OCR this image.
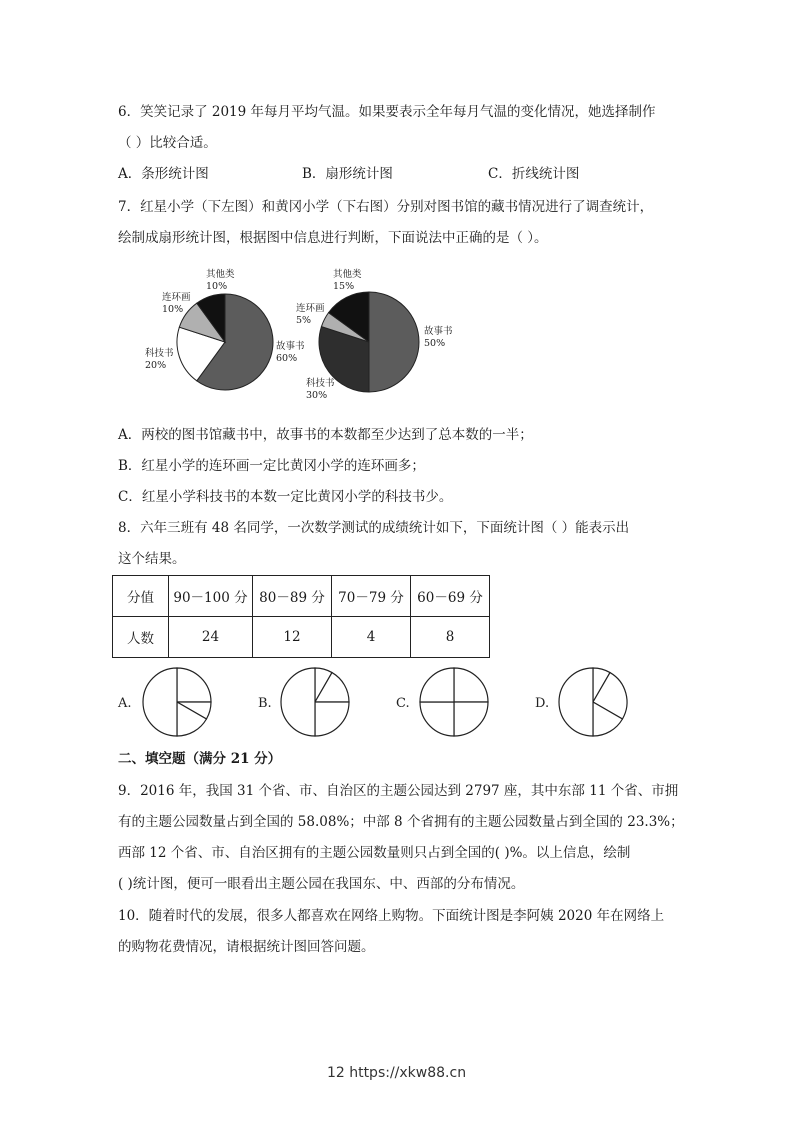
6．笑笑记录了 2019 年每月平均气温。如果要表示全年每月气温的变化情况，她选择制作
（ ）比较合适。
A．条形统计图	B．扇形统计图	C．折线统计图
7．红星小学（下左图）和黄冈小学（下右图）分别对图书馆的藏书情况进行了调查统计，
绘制成扇形统计图，根据图中信息进行判断，下面说法中正确的是（ ）。
其他类
10%
连环画
10%
科技书
20%
故事书
60%
其他类
15%
连环画
5%
科技书
30%
故事书
50%
A．两校的图书馆藏书中，故事书的本数都至少达到了总本数的一半；
B．红星小学的连环画一定比黄冈小学的连环画多；
C．红星小学科技书的本数一定比黄冈小学的科技书少。
8．六年三班有 48 名同学，一次数学测试的成绩统计如下，下面统计图（ ）能表示出
这个结果。
分值	90－100 分	80－89 分	70－79 分	60－69 分
人数	24	12	4	8
A.	B.	C.	D.
二、填空题（满分 21 分）
9．2016 年，我国 31 个省、市、自治区的主题公园达到 2797 座，其中东部 11 个省、市拥
有的主题公园数量占到全国的 58.08%；中部 8 个省拥有的主题公园数量占到全国的 23.3%；
西部 12 个省、市、自治区拥有的主题公园数量则只占到全国的( )%。以上信息，绘制
( )统计图，便可一眼看出主题公园在我国东、中、西部的分布情况。
10．随着时代的发展，很多人都喜欢在网络上购物。下面统计图是李阿姨 2020 年在网络上
的购物花费情况，请根据统计图回答问题。
12 https://xkw88.cn
